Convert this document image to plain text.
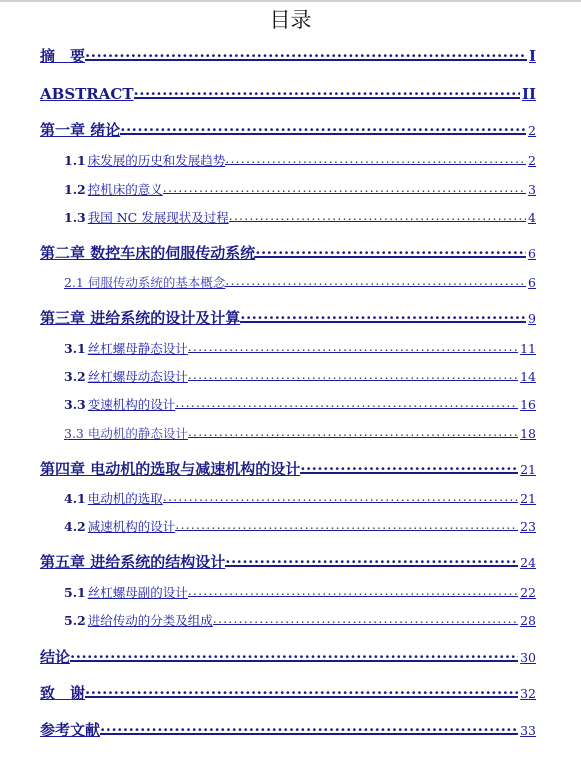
目录
摘　要 .....	I
ABSTRACT .....	II
第一章 绪论 .....	2
1.1 床发展的历史和发展趋势 .....	2
1.2 控机床的意义 .....	3
1.3 我国 NC 发展现状及过程 .....	4
第二章 数控车床的伺服传动系统 .....	6
2.1 伺服传动系统的基本概念 .....	6
第三章 进给系统的设计及计算 .....	9
3.1 丝杠螺母静态设计 .....	11
3.2 丝杠螺母动态设计 .....	14
3.3 变速机构的设计 .....	16
3.3 电动机的静态设计 .....	18
第四章 电动机的选取与减速机构的设计 .....	21
4.1 电动机的选取 .....	21
4.2 减速机构的设计 .....	23
第五章 进给系统的结构设计 .....	24
5.1 丝杠螺母副的设计 .....	22
5.2 进给传动的分类及组成 .....	28
结论 .....	30
致　谢 .....	32
参考文献 .....	33
